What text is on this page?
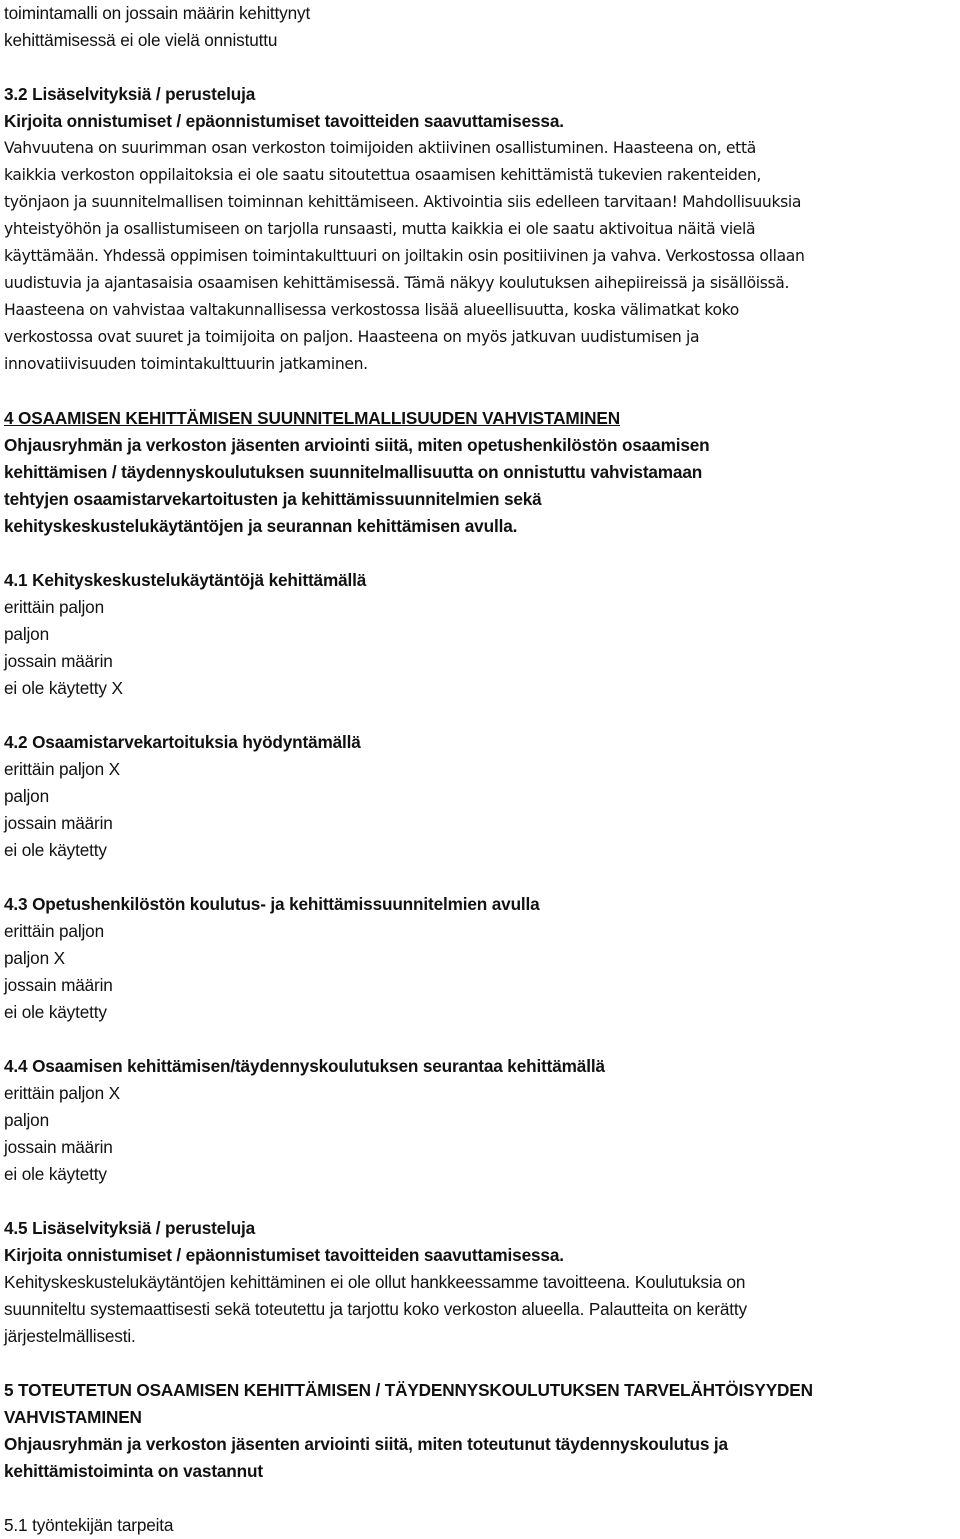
toimintamalli on jossain määrin kehittynyt
kehittämisessä ei ole vielä onnistuttu
3.2 Lisäselvityksiä / perusteluja
Kirjoita onnistumiset / epäonnistumiset tavoitteiden saavuttamisessa.
Vahvuutena on suurimman osan verkoston toimijoiden aktiivinen osallistuminen. Haasteena on, että
kaikkia verkoston oppilaitoksia ei ole saatu sitoutettua osaamisen kehittämistä tukevien rakenteiden,
työnjaon ja suunnitelmallisen toiminnan kehittämiseen. Aktivointia siis edelleen tarvitaan! Mahdollisuuksia
yhteistyöhön ja osallistumiseen on tarjolla runsaasti, mutta kaikkia ei ole saatu aktivoitua näitä vielä
käyttämään. Yhdessä oppimisen toimintakulttuuri on joiltakin osin positiivinen ja vahva. Verkostossa ollaan
uudistuvia ja ajantasaisia osaamisen kehittämisessä. Tämä näkyy koulutuksen aihepiireissä ja sisällöissä.
Haasteena on vahvistaa valtakunnallisessa verkostossa lisää alueellisuutta, koska välimatkat koko
verkostossa ovat suuret ja toimijoita on paljon. Haasteena on myös jatkuvan uudistumisen ja
innovatiivisuuden toimintakulttuurin jatkaminen.
4 OSAAMISEN KEHITTÄMISEN SUUNNITELMALLISUUDEN VAHVISTAMINEN
Ohjausryhmän ja verkoston jäsenten arviointi siitä, miten opetushenkilöstön osaamisen
kehittämisen / täydennyskoulutuksen suunnitelmallisuutta on onnistuttu vahvistamaan
tehtyjen osaamistarvekartoitusten ja kehittämissuunnitelmien sekä
kehityskeskustelukäytäntöjen ja seurannan kehittämisen avulla.
4.1 Kehityskeskustelukäytäntöjä kehittämällä
erittäin paljon
paljon
jossain määrin
ei ole käytetty X
4.2 Osaamistarvekartoituksia hyödyntämällä
erittäin paljon X
paljon
jossain määrin
ei ole käytetty
4.3 Opetushenkilöstön koulutus- ja kehittämissuunnitelmien avulla
erittäin paljon
paljon X
jossain määrin
ei ole käytetty
4.4 Osaamisen kehittämisen/täydennyskoulutuksen seurantaa kehittämällä
erittäin paljon X
paljon
jossain määrin
ei ole käytetty
4.5 Lisäselvityksiä / perusteluja
Kirjoita onnistumiset / epäonnistumiset tavoitteiden saavuttamisessa.
Kehityskeskustelukäytäntöjen kehittäminen ei ole ollut hankkeessamme tavoitteena. Koulutuksia on
suunniteltu systemaattisesti sekä toteutettu ja tarjottu koko verkoston alueella. Palautteita on kerätty
järjestelmällisesti.
5 TOTEUTETUN OSAAMISEN KEHITTÄMISEN / TÄYDENNYSKOULUTUKSEN TARVELÄHTÖISYYDEN
VAHVISTAMINEN
Ohjausryhmän ja verkoston jäsenten arviointi siitä, miten toteutunut täydennyskoulutus ja
kehittämistoiminta on vastannut
5.1 työntekijän tarpeita
